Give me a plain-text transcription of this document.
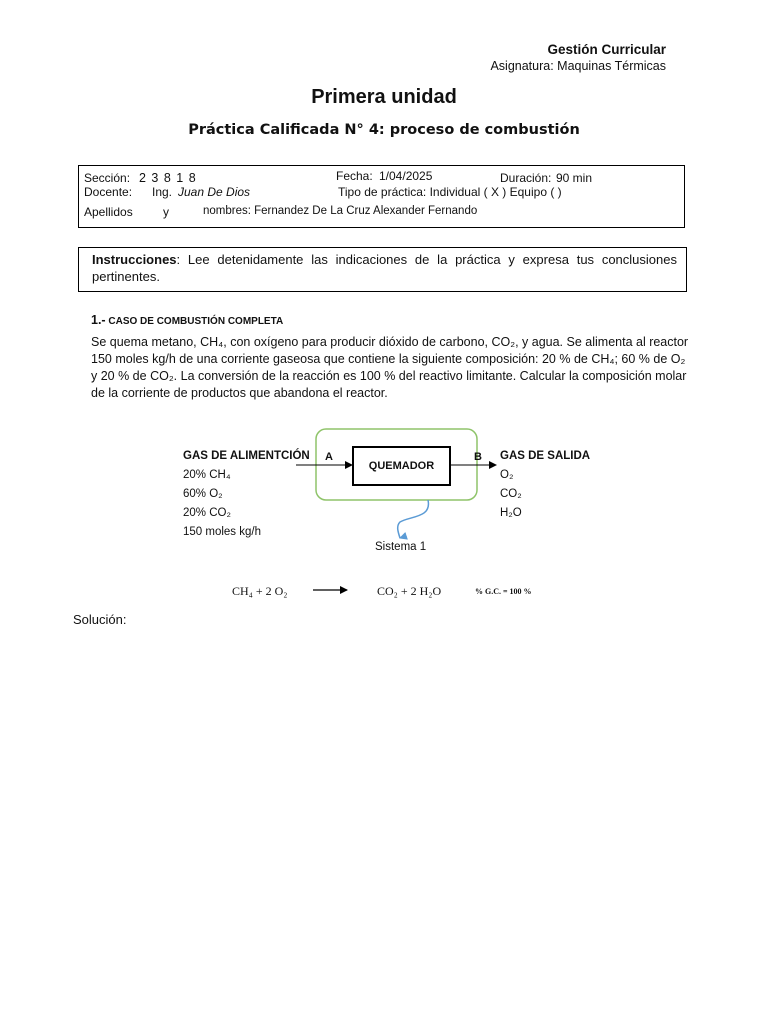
Gestión Curricular
Asignatura: Maquinas Térmicas
Primera unidad
Práctica Calificada N° 4: proceso de combustión
Sección: 2 3 8 1 8	Fecha: 1/04/2025	Duración: 90 min
Docente: Ing. Juan De Dios	Tipo de práctica: Individual ( X ) Equipo ( )
Apellidos	y	nombres: Fernandez De La Cruz Alexander Fernando
Instrucciones: Lee detenidamente las indicaciones de la práctica y expresa tus conclusiones pertinentes.
1.- CASO DE COMBUSTIÓN COMPLETA
Se quema metano, CH₄, con oxígeno para producir dióxido de carbono, CO₂, y agua. Se alimenta al reactor
150 moles kg/h de una corriente gaseosa que contiene la siguiente composición: 20 % de CH₄; 60 % de O₂
y 20 % de CO₂. La conversión de la reacción es 100 % del reactivo limitante. Calcular la composición molar
de la corriente de productos que abandona el reactor.
GAS DE ALIMENTCIÓN
20% CH₄
60% O₂
20% CO₂
150 moles kg/h
A
QUEMADOR
B GAS DE SALIDA
O₂
CO₂
H₂O
Sistema 1
CH₄ + 2 O₂	CO₂ + 2 H₂O	% G.C. = 100 %
Solución:
